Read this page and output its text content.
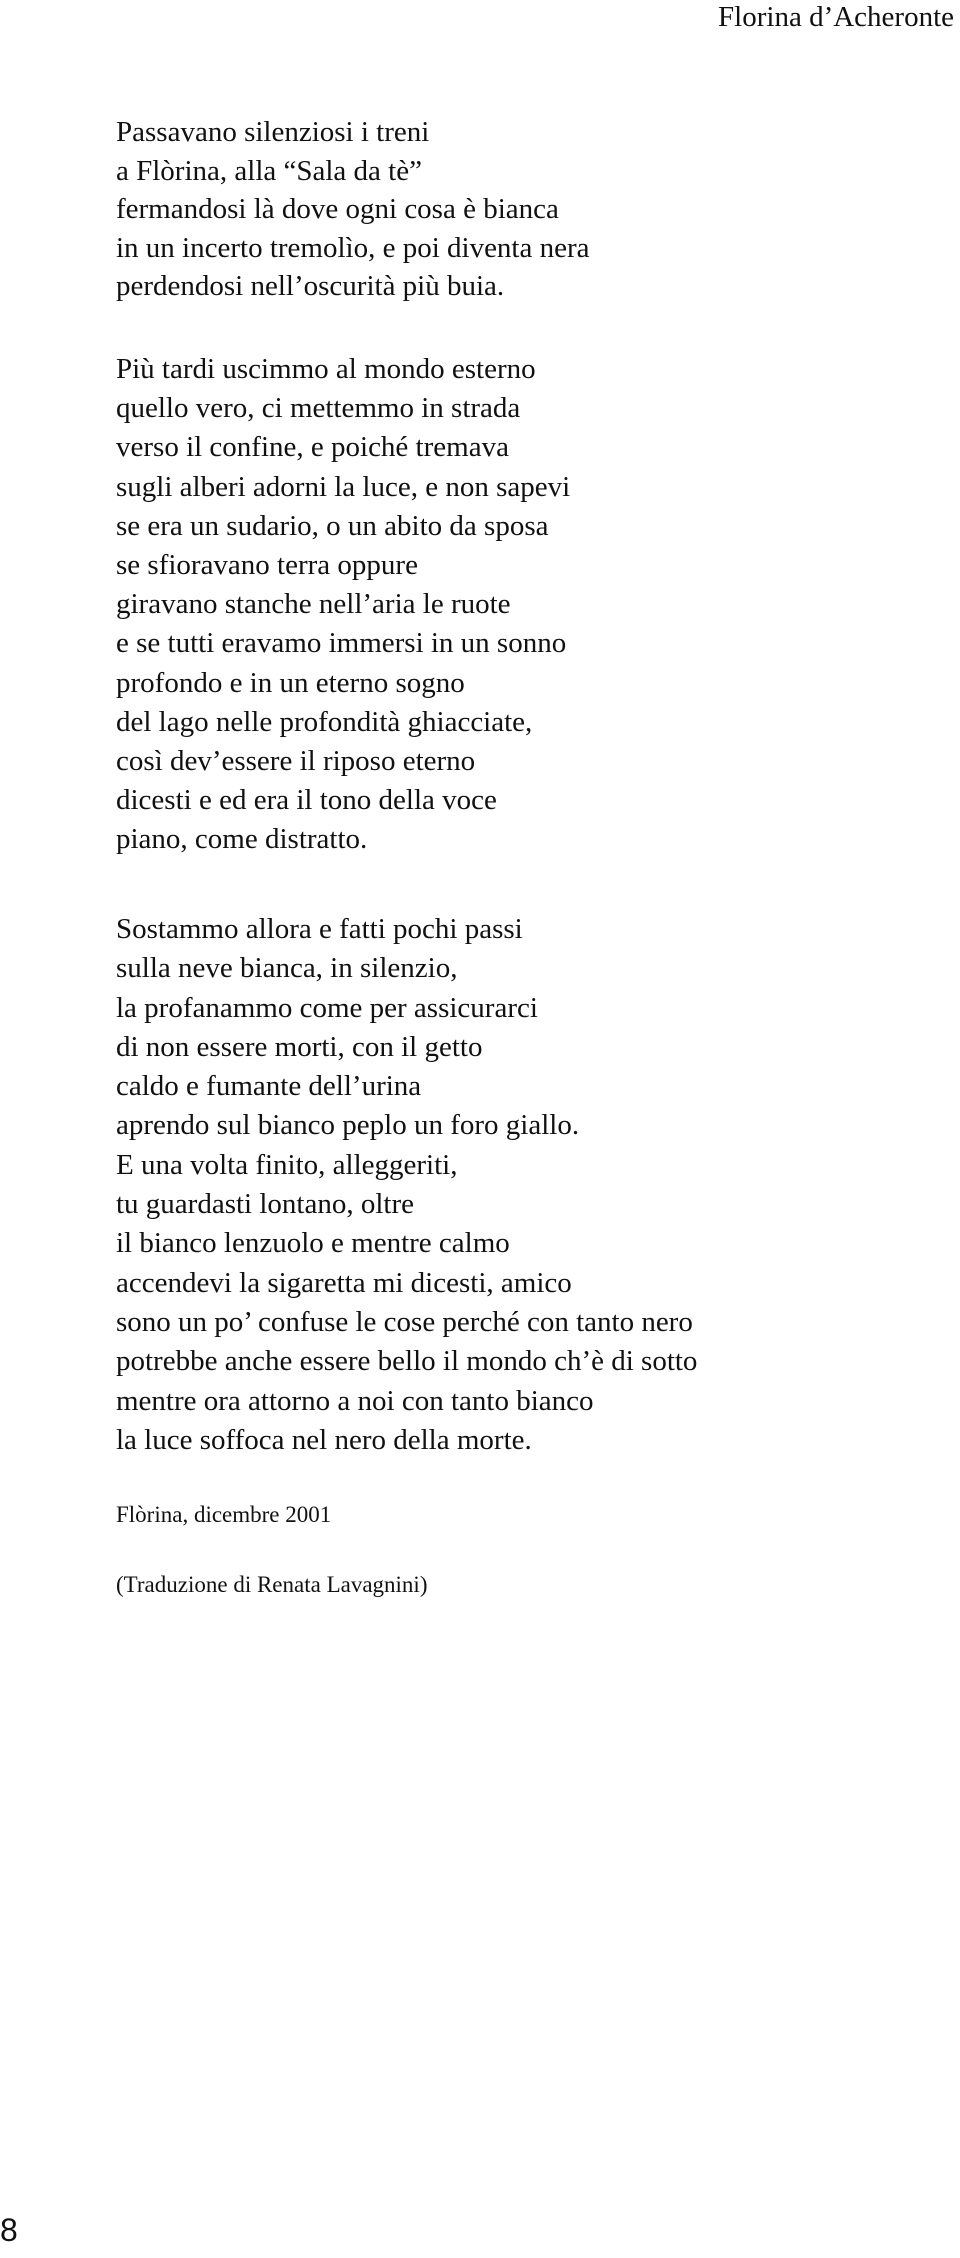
Florina d’Acheronte
Passavano silenziosi i treni
a Flòrina, alla “Sala da tè”
fermandosi là dove ogni cosa è bianca
in un incerto tremolìo, e poi diventa nera
perdendosi nell’oscurità più buia.
Più tardi uscimmo al mondo esterno
quello vero, ci mettemmo in strada
verso il confine, e poiché tremava
sugli alberi adorni la luce, e non sapevi
se era un sudario, o un abito da sposa
se sfioravano terra oppure
giravano stanche nell’aria le ruote
e se tutti eravamo immersi in un sonno
profondo e in un eterno sogno
del lago nelle profondità ghiacciate,
così dev’essere il riposo eterno
dicesti e ed era il tono della voce
piano, come distratto.
Sostammo allora e fatti pochi passi
sulla neve bianca, in silenzio,
la profanammo come per assicurarci
di non essere morti, con il getto
caldo e fumante dell’urina
aprendo sul bianco peplo un foro giallo.
E una volta finito, alleggeriti,
tu guardasti lontano, oltre
il bianco lenzuolo e mentre calmo
accendevi la sigaretta mi dicesti, amico
sono un po’ confuse le cose perché con tanto nero
potrebbe anche essere bello il mondo ch’è di sotto
mentre ora attorno a noi con tanto bianco
la luce soffoca nel nero della morte.
Flòrina, dicembre 2001
(Traduzione di Renata Lavagnini)
8
